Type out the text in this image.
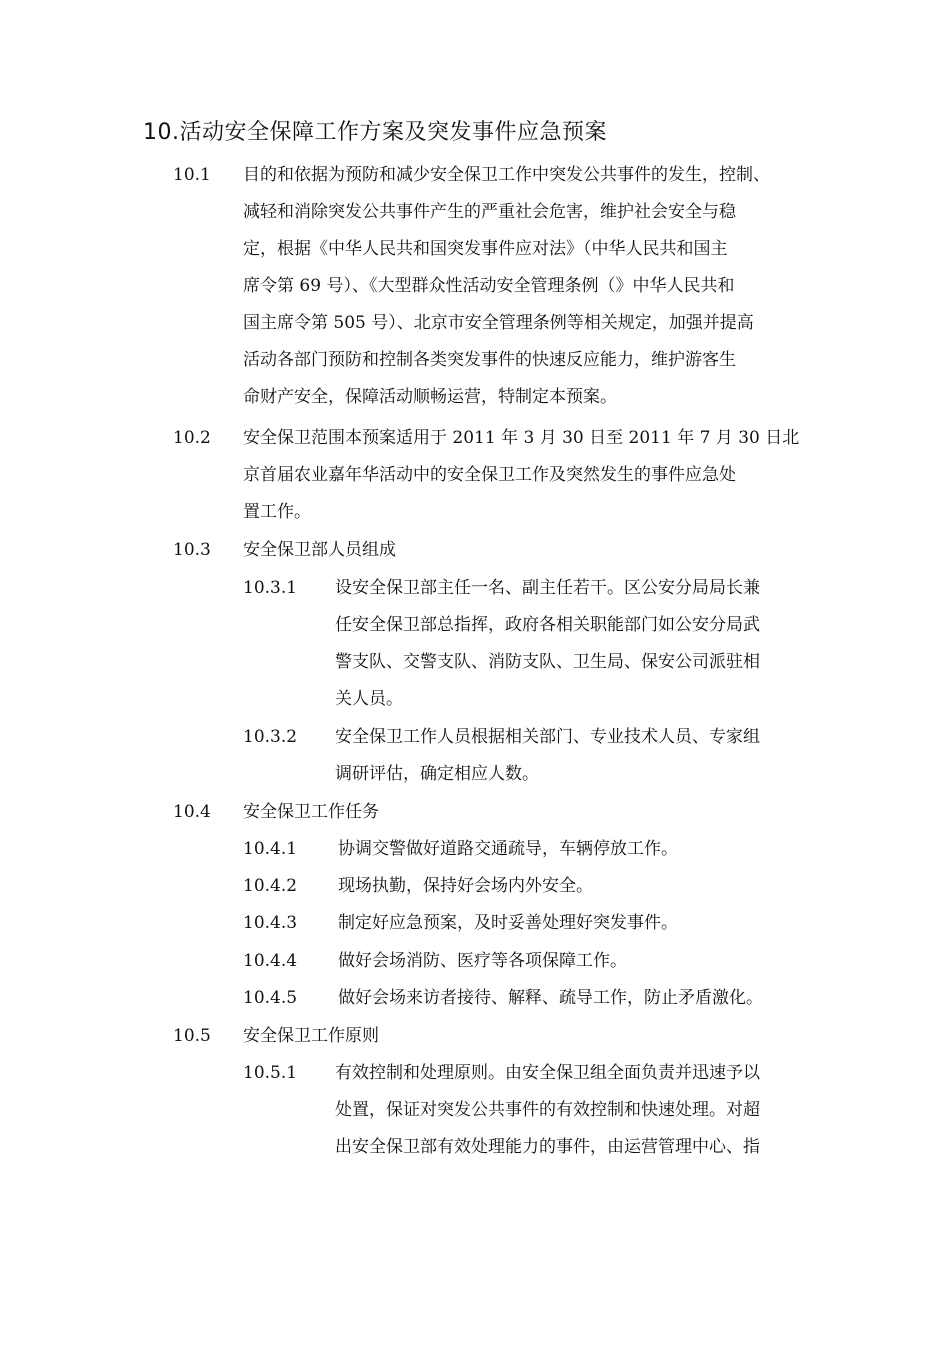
10.活动安全保障工作方案及突发事件应急预案
10.1 目的和依据为预防和减少安全保卫工作中突发公共事件的发生，控制、
减轻和消除突发公共事件产生的严重社会危害，维护社会安全与稳
定，根据《中华人民共和国突发事件应对法》（中华人民共和国主
席令第 69 号）、《大型群众性活动安全管理条例（》中华人民共和
国主席令第 505 号）、北京市安全管理条例等相关规定，加强并提高
活动各部门预防和控制各类突发事件的快速反应能力，维护游客生
命财产安全，保障活动顺畅运营，特制定本预案。
10.2 安全保卫范围本预案适用于 2011 年 3 月 30 日至 2011 年 7 月 30 日北
京首届农业嘉年华活动中的安全保卫工作及突然发生的事件应急处
置工作。
10.3 安全保卫部人员组成
10.3.1 设安全保卫部主任一名、副主任若干。区公安分局局长兼
任安全保卫部总指挥，政府各相关职能部门如公安分局武
警支队、交警支队、消防支队、卫生局、保安公司派驻相
关人员。
10.3.2 安全保卫工作人员根据相关部门、专业技术人员、专家组
调研评估，确定相应人数。
10.4 安全保卫工作任务
10.4.1 协调交警做好道路交通疏导，车辆停放工作。
10.4.2 现场执勤，保持好会场内外安全。
10.4.3 制定好应急预案，及时妥善处理好突发事件。
10.4.4 做好会场消防、医疗等各项保障工作。
10.4.5 做好会场来访者接待、解释、疏导工作，防止矛盾激化。
10.5 安全保卫工作原则
10.5.1 有效控制和处理原则。由安全保卫组全面负责并迅速予以
处置，保证对突发公共事件的有效控制和快速处理。对超
出安全保卫部有效处理能力的事件，由运营管理中心、指
